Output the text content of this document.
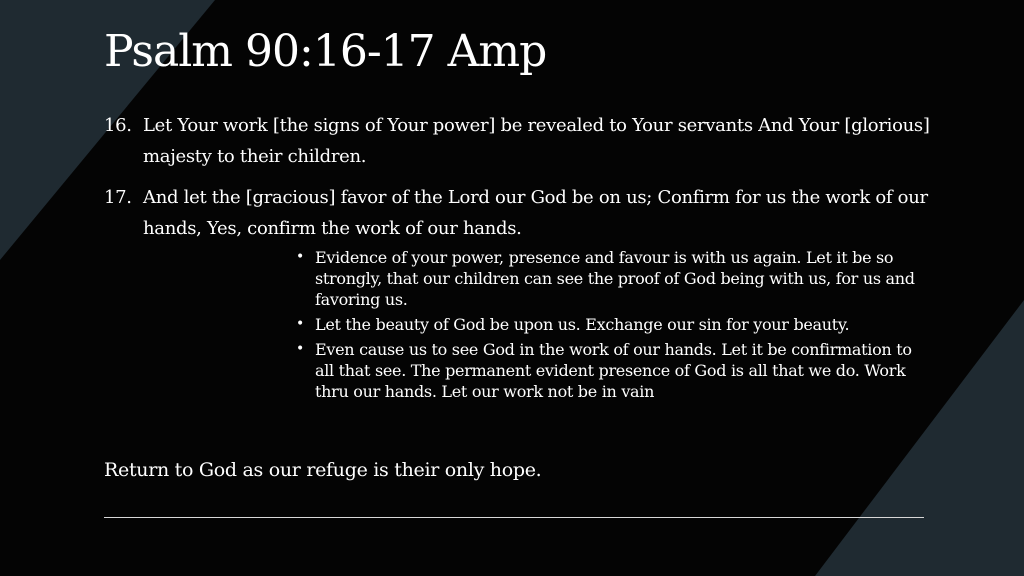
Psalm 90:16-17 Amp
16. Let Your work [the signs of Your power] be revealed to Your servants And Your [glorious] majesty to their children.
17. And let the [gracious] favor of the Lord our God be on us; Confirm for us the work of our hands, Yes, confirm the work of our hands.
• Evidence of your power, presence and favour is with us again. Let it be so strongly, that our children can see the proof of God being with us, for us and favoring us.
• Let the beauty of God be upon us. Exchange our sin for your beauty.
• Even cause us to see God in the work of our hands. Let it be confirmation to all that see. The permanent evident presence of God is all that we do. Work thru our hands. Let our work not be in vain
Return to God as our refuge is their only hope.
